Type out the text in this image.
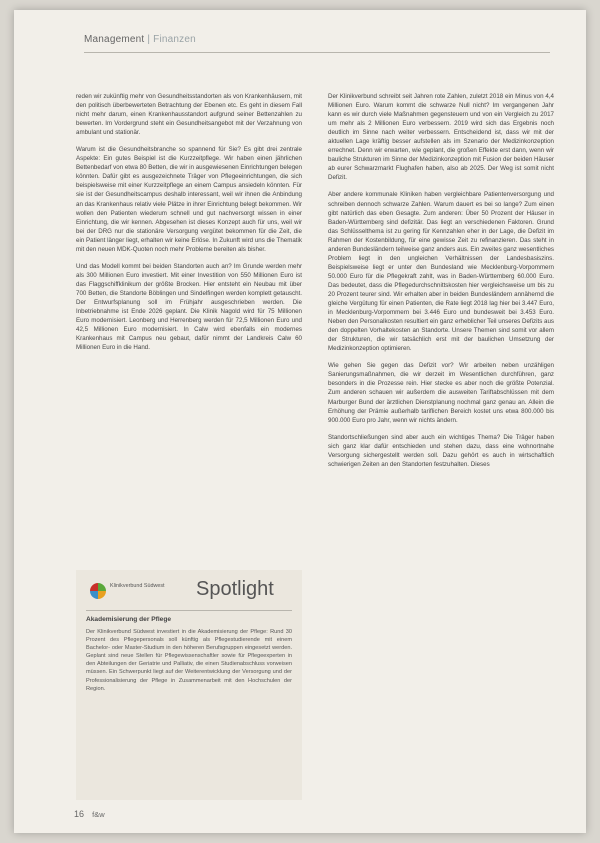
Management | Finanzen

reden wir zukünftig mehr von Gesundheitsstandorten als von Krankenhäusern, mit den politisch überbewerteten Betrachtung der Ebenen etc. Es geht in diesem Fall nicht mehr darum, einen Krankenhausstandort aufgrund seiner Bettenzahlen zu bewerten. Im Vordergrund steht ein Gesundheitsangebot mit der Verzahnung von ambulant und stationär.

Warum ist die Gesundheitsbranche so spannend für Sie? Es gibt drei zentrale Aspekte: Ein gutes Beispiel ist die Kurzzeitpflege. Wir haben einen jährlichen Bettenbedarf von etwa 80 Betten, die wir in ausgewiesenen Einrichtungen belegen könnten. Dafür gibt es ausgezeichnete Träger von Pflegeeinrichtungen, die sich beispielsweise mit einer Kurzzeitpflege an einem Campus ansiedeln könnten. Für sie ist der Gesundheitscampus deshalb interessant, weil wir ihnen die Anbindung an das Krankenhaus relativ viele Plätze in ihrer Einrichtung belegt bekommen. Wir wollen den Patienten wiederum schnell und gut nachversorgt wissen in einer Einrichtung, die wir kennen. Abgesehen ist dieses Konzept auch für uns, weil wir bei der DRG nur die stationäre Versorgung vergütet bekommen für die Zeit, die ein Patient länger liegt, erhalten wir keine Erlöse. In Zukunft wird uns die Thematik mit den neuen MDK-Quoten noch mehr Probleme bereiten als bisher.

Und das Modell kommt bei beiden Standorten auch an? Im Grunde werden mehr als 300 Millionen Euro investiert. Mit einer Investition von 550 Millionen Euro ist das Flaggschiffklinikum der größte Brocken. Hier entsteht ein Neubau mit über 700 Betten, die Standorte Böblingen und Sindelfingen werden komplett getauscht. Der Entwurfsplanung soll im Frühjahr ausgeschrieben werden. Die Inbetriebnahme ist Ende 2026 geplant. Die Klinik Nagold wird für 75 Millionen Euro modernisiert. Leonberg und Herrenberg werden für 72,5 Millionen Euro und 42,5 Millionen Euro modernisiert. In Calw wird ebenfalls ein modernes Krankenhaus mit Campus neu gebaut, dafür nimmt der Landkreis Calw 60 Millionen Euro in die Hand.

Der Klinikverbund schreibt seit Jahren rote Zahlen, zuletzt 2018 ein Minus von 4,4 Millionen Euro. Warum kommt die schwarze Null nicht? Im vergangenen Jahr kann es wir durch viele Maßnahmen gegensteuern und von ein Vergleich zu 2017 um mehr als 2 Millionen Euro verbessern. 2019 wird sich das Ergebnis noch deutlich im Sinne nach weiter verbessern. Entscheidend ist, dass wir mit der aktuellen Lage kräftig besser aufstellen als im Szenario der Medizinkonzeption errechnet. Denn wir erwarten, wie geplant, die großen Effekte erst dann, wenn wir bauliche Strukturen im Sinne der Medizinkonzeption mit Fusion der beiden Häuser ab eurer Schwarzmarkt Flughafen haben, also ab 2025. Der Weg ist somit nicht Defizit.

Aber andere kommunale Kliniken haben vergleichbare Patientenversorgung und schreiben dennoch schwarze Zahlen. Warum dauert es bei so lange? Zum einen gibt natürlich das eben Gesagte. Zum anderen: Über 50 Prozent der Häuser in Baden-Württemberg sind defizitär. Das liegt an verschiedenen Faktoren. Grund das Schlüsselthema ist zu gering für Kennzahlen eher in der Lage, die Defizit im Rahmen der Kostenbildung, für eine gewisse Zeit zu refinanzieren. Das steht in anderen Bundesländern teilweise ganz anders aus. Ein zweites ganz wesentliches Problem liegt in den ungleichen Verhältnissen der Landesbasiszins. Beispielsweise liegt er unter den Bundesland wie Mecklenburg-Vorpommern 50.000 Euro für die Pflegekraft zahlt, was in Baden-Württemberg 60.000 Euro. Das bedeutet, dass die Pflegedurchschnittskosten hier vergleichsweise um bis zu 20 Prozent teurer sind. Wir erhalten aber in beiden Bundesländern annähernd die gleiche Vergütung für einen Patienten, die Rate liegt 2018 lag hier bei 3.447 Euro, in Mecklenburg-Vorpommern bei 3.446 Euro und bundesweit bei 3.453 Euro. Neben den Personalkosten resultiert ein ganz erheblicher Teil unseres Defizits aus den doppelten Vorhaltekosten an Standorte. Unsere Themen sind somit vor allem der Strukturen, die wir tatsächlich erst mit der baulichen Umsetzung der Medizinkonzeption optimieren.

Wie gehen Sie gegen das Defizit vor? Wir arbeiten neben unzähligen Sanierungsmaßnahmen, die wir derzeit im Wesentlichen durchführen, ganz besonders in die Prozesse rein. Hier stecke es aber noch die größte Potenzial. Zum anderen schauen wir außerdem die ausweiten Tariftabschlüssen mit dem Marburger Bund der ärztlichen Dienstplanung nochmal ganz genau an. Allein die Erhöhung der Prämie außerhalb tariflichen Bereich kostet uns etwa 800.000 bis 900.000 Euro pro Jahr, wenn wir nichts ändern.

Standortschließungen sind aber auch ein wichtiges Thema? Die Träger haben sich ganz klar dafür entschieden und stehen dazu, dass eine wohnortnahe Versorgung sichergestellt werden soll. Dazu gehört es auch in wirtschaftlich schwierigen Zeiten an den Standorten festzuhalten. Dieses

Klinikverbund Südwest Spotlight
Akademisierung der Pflege
Der Klinikverbund Südwest investiert in die Akademisierung der Pflege: Rund 30 Prozent des Pflegepersonals soll künftig als Pflegestudierende mit einem Bachelor- oder Master-Studium in den höheren Berufsgruppen eingesetzt werden. Geplant sind neue Stellen für Pflegewissenschaftler sowie für Pflegeexperten in den Abteilungen der Geriatrie und Palliativ, die einen Studienabschluss vorweisen müssen. Ein Schwerpunkt liegt auf der Weiterentwicklung der Versorgung und der Professionalisierung der Pflege in Zusammenarbeit mit den Hochschulen der Region.
16 f&w
